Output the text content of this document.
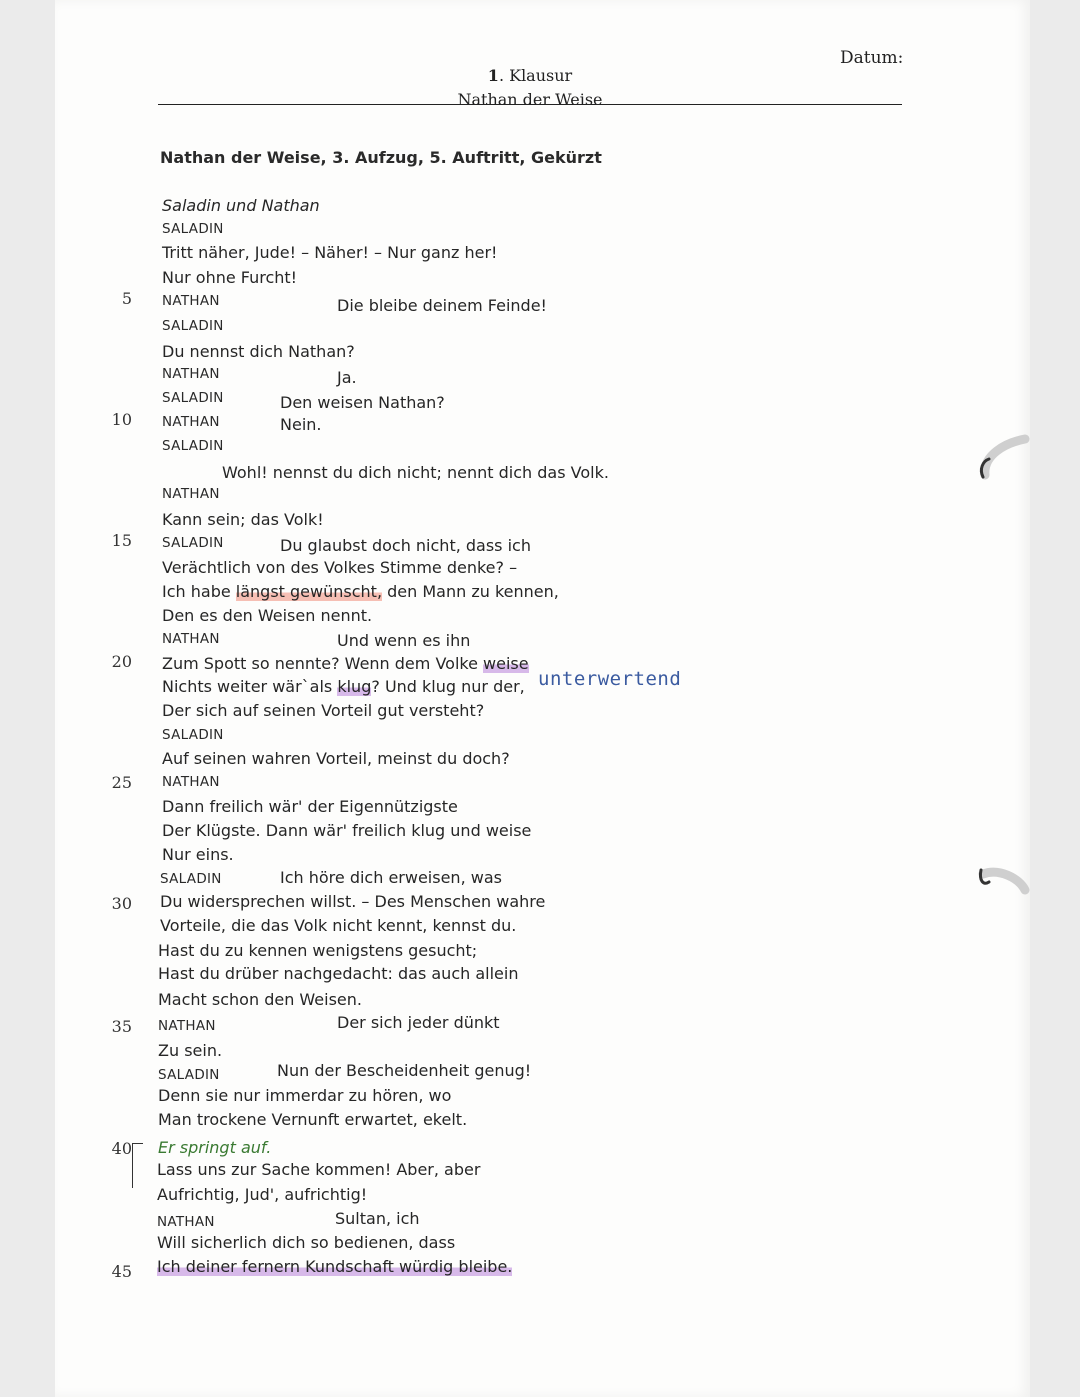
Datum:
1. Klausur
Nathan der Weise
Nathan der Weise, 3. Aufzug, 5. Auftritt, Gekürzt
5
10
15
20
25
30
35
40
45
Saladin und Nathan
SALADIN
Tritt näher, Jude! – Näher! – Nur ganz her!
Nur ohne Furcht!
NATHAN	Die bleibe deinem Feinde!
SALADIN
Du nennst dich Nathan?
NATHAN	Ja.
SALADIN	Den weisen Nathan?
NATHAN	Nein.
SALADIN
Wohl! nennst du dich nicht; nennt dich das Volk.
NATHAN
Kann sein; das Volk!
SALADIN	Du glaubst doch nicht, dass ich
Verächtlich von des Volkes Stimme denke? –
Ich habe längst gewünscht, den Mann zu kennen,
Den es den Weisen nennt.
NATHAN	Und wenn es ihn
Zum Spott so nennte? Wenn dem Volke weise
Nichts weiter wär`als klug? Und klug nur der,
Der sich auf seinen Vorteil gut versteht?
SALADIN
Auf seinen wahren Vorteil, meinst du doch?
NATHAN
Dann freilich wär' der Eigennützigste
Der Klügste. Dann wär' freilich klug und weise
Nur eins.
SALADIN	Ich höre dich erweisen, was
Du widersprechen willst. – Des Menschen wahre
Vorteile, die das Volk nicht kennt, kennst du.
Hast du zu kennen wenigstens gesucht;
Hast du drüber nachgedacht: das auch allein
Macht schon den Weisen.
NATHAN	Der sich jeder dünkt
Zu sein.
SALADIN	Nun der Bescheidenheit genug!
Denn sie nur immerdar zu hören, wo
Man trockene Vernunft erwartet, ekelt.
Er springt auf.
Lass uns zur Sache kommen! Aber, aber
Aufrichtig, Jud', aufrichtig!
NATHAN	Sultan, ich
Will sicherlich dich so bedienen, dass
Ich deiner fernern Kundschaft würdig bleibe.
unterwertend
